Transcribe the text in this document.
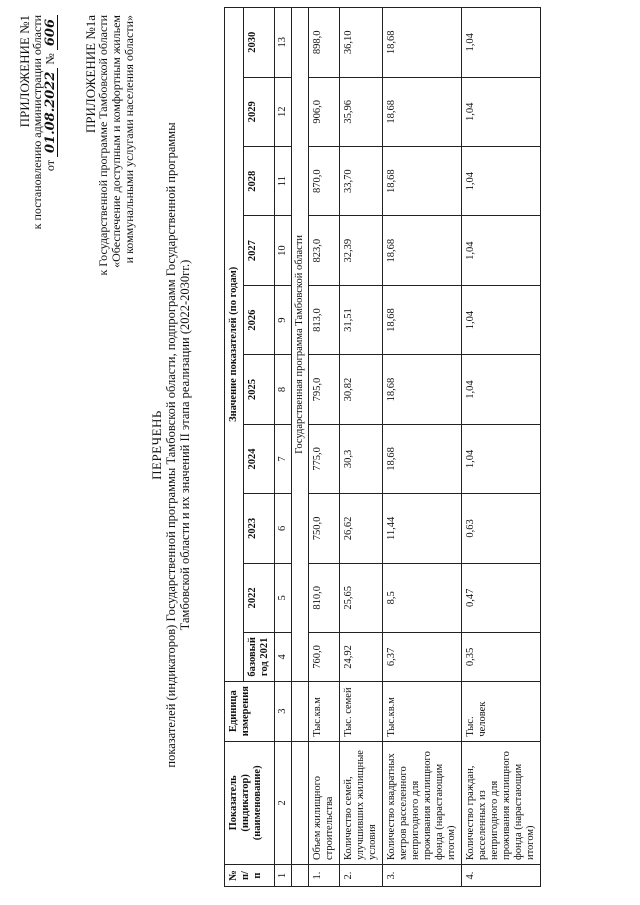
ПРИЛОЖЕНИЕ №1
к постановлению администрации области от 01.08.2022 № 606 ПРИЛОЖЕНИЕ №1а
к Государственной программе Тамбовской области «Обеспечение доступным и комфортным жильем и коммунальными услугами населения области»
ПЕРЕЧЕНЬ показателей (индикаторов) Государственной программы Тамбовской области, подпрограмм Государственной программы Тамбовской области и их значений II этапа реализации (2022-2030гг.)
№ п/п	Показатель (индикатор) (наименование)	Единица измерения	Значение показателей (по годам)									
			базовый год 2021	2022	2023	2024	2025	2026	2027	2028	2029	2030
1	2	3	4	5	6	7	8	9	10	11	12	13
			Государственная программа Тамбовской области									
1.	Объем жилищного строительства	Тыс.кв.м	760,0	810,0	750,0	775,0	795,0	813,0	823,0	870,0	906,0	898,0
2.	Количество семей, улучшивших жилищные условия	Тыс. семей	24,92	25,65	26,62	30,3	30,82	31,51	32,39	33,70	35,96	36,10
3.	Количество квадратных метров расселенного непригодного для проживания жилищного фонда (нарастающим итогом)	Тыс.кв.м	6,37	8,5	11,44	18,68	18,68	18,68	18,68	18,68	18,68	18,68
4.	Количество граждан, расселенных из непригодного для проживания жилищного фонда (нарастающим итогом)	Тыс. человек	0,35	0,47	0,63	1,04	1,04	1,04	1,04	1,04	1,04	1,04
